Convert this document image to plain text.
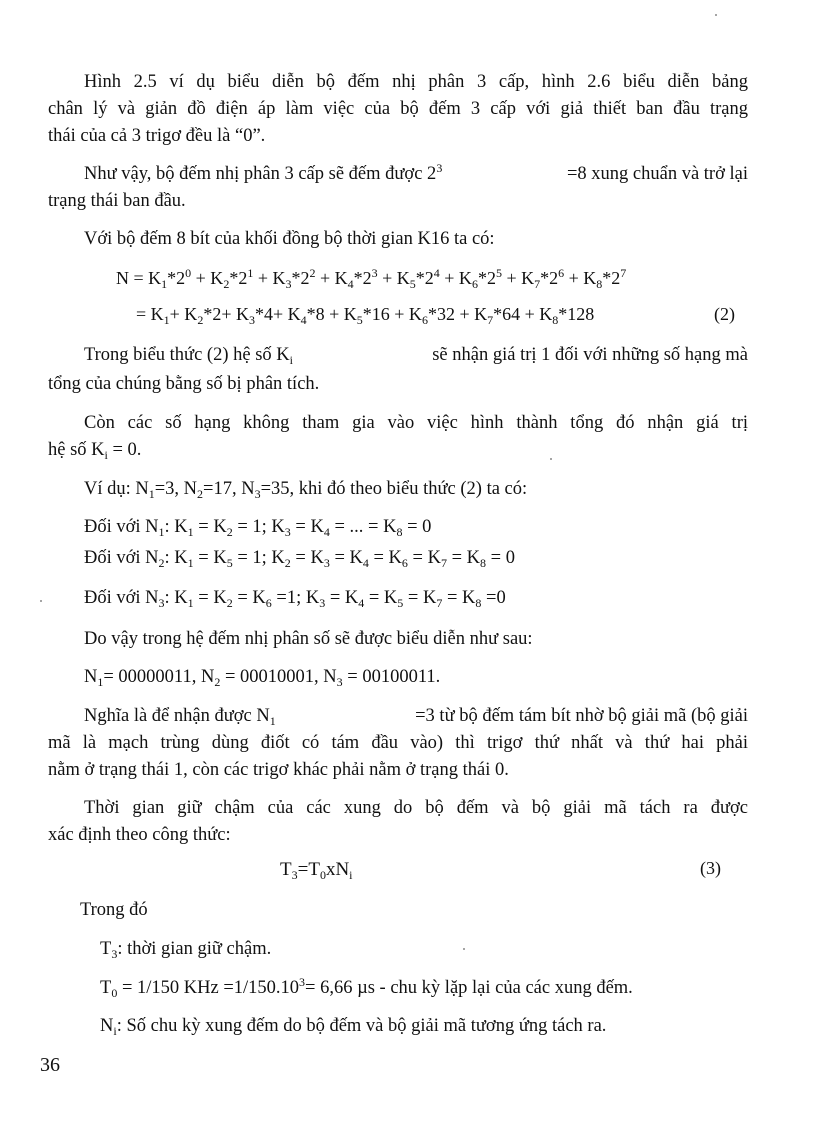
Hình 2.5 ví dụ biểu diễn bộ đếm nhị phân 3 cấp, hình 2.6 biểu diễn bảng
chân lý và giản đồ điện áp làm việc của bộ đếm 3 cấp với giả thiết ban đầu trạng
thái của cả 3 trigơ đều là “0”.
Như vậy, bộ đếm nhị phân 3 cấp sẽ đếm được $2^3$	=8 xung chuẩn và trở lại
trạng thái ban đầu.
Với bộ đếm 8 bít của khối đồng bộ thời gian K16 ta có:
$N = K_1*2^0 + K_2*2^1 + K_3*2^2 + K_4*2^3 + K_5*2^4 + K_6*2^5 + K_7*2^6 + K_8*2^7$
= $K_1+ K_2*2+ K_3*4+ K_4*8 + K_5*16 + K_6*32 + K_7*64 + K_8*128$	(2)
Trong biểu thức (2) hệ số $K_i$	sẽ nhận giá trị 1 đối với những số hạng mà
tổng của chúng bằng số bị phân tích.
Còn các số hạng không tham gia vào việc hình thành tổng đó nhận giá trị
hệ số $K_i = 0$.
Ví dụ: $N_1=3$, $N_2=17$, $N_3=35$, khi đó theo biểu thức (2) ta có:
Đối với $N_1$: $K_1 = K_2 = 1$; $K_3 = K_4$ = ... = $K_8 = 0$
Đối với $N_2$: $K_1 = K_5 = 1$; $K_2 = K_3 = K_4 = K_6 = K_7 = K_8 = 0$
Đối với $N_3$: $K_1 = K_2 = K_6 =1$; $K_3 = K_4 = K_5 = K_7 = K_8 =0$
Do vậy trong hệ đếm nhị phân số sẽ được biểu diễn như sau:
$N_1= 00000011$, $N_2 = 00010001$, $N_3 = 00100011$.
Nghĩa là để nhận được $N_1$	=3 từ bộ đếm tám bít nhờ bộ giải mã (bộ giải
mã là mạch trùng dùng điốt có tám đầu vào) thì trigơ thứ nhất và thứ hai phải
nằm ở trạng thái 1, còn các trigơ khác phải nằm ở trạng thái 0.
Thời gian giữ chậm của các xung do bộ đếm và bộ giải mã tách ra được
xác định theo công thức:
$T_3=T_0xN_i$	(3)
Trong đó
$T_3$: thời gian giữ chậm.
$T_0 = 1/150$ KHz $=1/150.10^3= 6,66$ µs - chu kỳ lặp lại của các xung đếm.
$N_i$: Số chu kỳ xung đếm do bộ đếm và bộ giải mã tương ứng tách ra.
36
